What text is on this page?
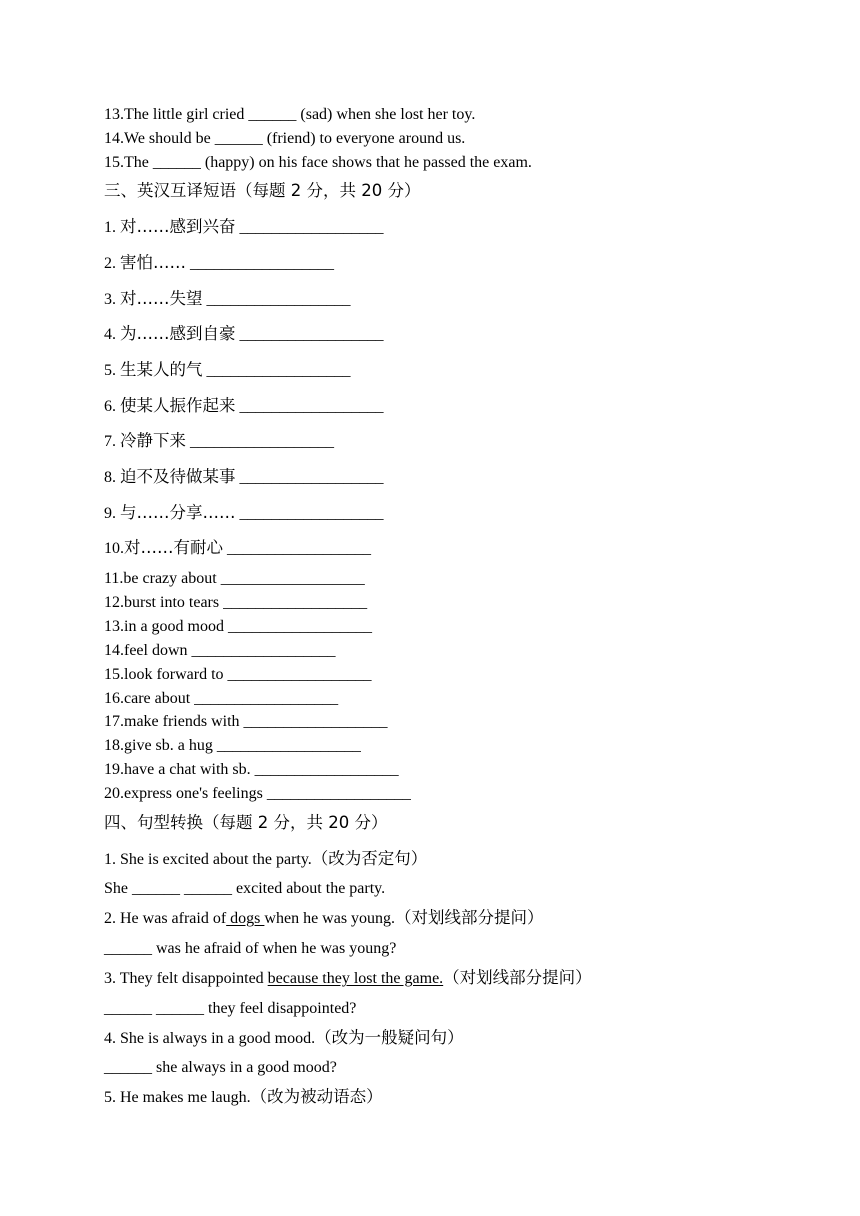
13.The little girl cried ______ (sad) when she lost her toy.
14.We should be ______ (friend) to everyone around us.
15.The ______ (happy) on his face shows that he passed the exam.
三、英汉互译短语（每题 2 分，共 20 分）
1. 对……感到兴奋 __________________
2. 害怕…… __________________
3. 对……失望 __________________
4. 为……感到自豪 __________________
5. 生某人的气 __________________
6. 使某人振作起来 __________________
7. 冷静下来 __________________
8. 迫不及待做某事 __________________
9. 与……分享…… __________________
10.对……有耐心 __________________
11.be crazy about __________________
12.burst into tears __________________
13.in a good mood __________________
14.feel down __________________
15.look forward to __________________
16.care about __________________
17.make friends with __________________
18.give sb. a hug __________________
19.have a chat with sb. __________________
20.express one's feelings __________________
四、句型转换（每题 2 分，共 20 分）
1. She is excited about the party.（改为否定句）
She ______ ______ excited about the party.
2. He was afraid of dogs when he was young.（对划线部分提问）
______ was he afraid of when he was young?
3. They felt disappointed because they lost the game.（对划线部分提问）
______ ______ they feel disappointed?
4. She is always in a good mood.（改为一般疑问句）
______ she always in a good mood?
5. He makes me laugh.（改为被动语态）
